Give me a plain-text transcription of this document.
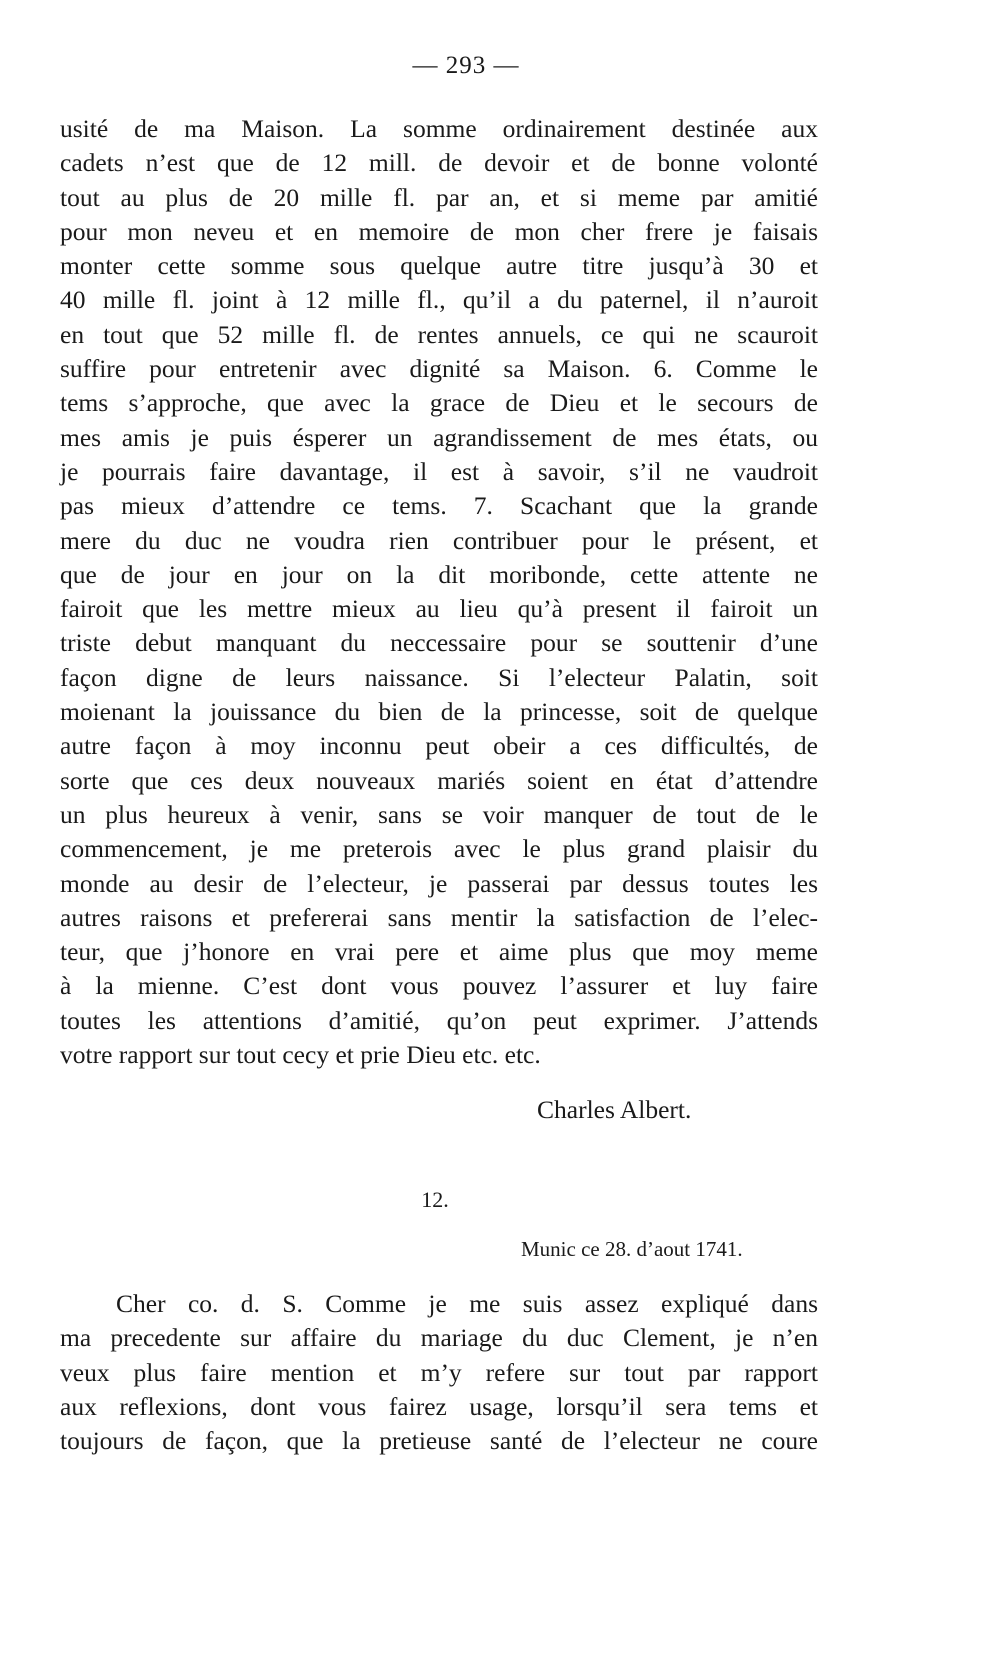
— 293 —
usité de ma Maison. La somme ordinairement destinée aux
cadets n’est que de 12 mill. de devoir et de bonne volonté
tout au plus de 20 mille fl. par an, et si meme par amitié
pour mon neveu et en memoire de mon cher frere je faisais
monter cette somme sous quelque autre titre jusqu’à 30 et
40 mille fl. joint à 12 mille fl., qu’il a du paternel, il n’auroit
en tout que 52 mille fl. de rentes annuels, ce qui ne scauroit
suffire pour entretenir avec dignité sa Maison. 6. Comme le
tems s’approche, que avec la grace de Dieu et le secours de
mes amis je puis ésperer un agrandissement de mes états, ou
je pourrais faire davantage, il est à savoir, s’il ne vaudroit
pas mieux d’attendre ce tems. 7. Scachant que la grande
mere du duc ne voudra rien contribuer pour le présent, et
que de jour en jour on la dit moribonde, cette attente ne
fairoit que les mettre mieux au lieu qu’à present il fairoit un
triste debut manquant du neccessaire pour se souttenir d’une
façon digne de leurs naissance. Si l’electeur Palatin, soit
moienant la jouissance du bien de la princesse, soit de quelque
autre façon à moy inconnu peut obeir a ces difficultés, de
sorte que ces deux nouveaux mariés soient en état d’attendre
un plus heureux à venir, sans se voir manquer de tout de le
commencement, je me preterois avec le plus grand plaisir du
monde au desir de l’electeur, je passerai par dessus toutes les
autres raisons et prefererai sans mentir la satisfaction de l’elec-
teur, que j’honore en vrai pere et aime plus que moy meme
à la mienne. C’est dont vous pouvez l’assurer et luy faire
toutes les attentions d’amitié, qu’on peut exprimer. J’attends
votre rapport sur tout cecy et prie Dieu etc. etc.
Charles Albert.
12.
Munic ce 28. d’aout 1741.
Cher co. d. S. Comme je me suis assez expliqué dans
ma precedente sur affaire du mariage du duc Clement, je n’en
veux plus faire mention et m’y refere sur tout par rapport
aux reflexions, dont vous fairez usage, lorsqu’il sera tems et
toujours de façon, que la pretieuse santé de l’electeur ne coure
